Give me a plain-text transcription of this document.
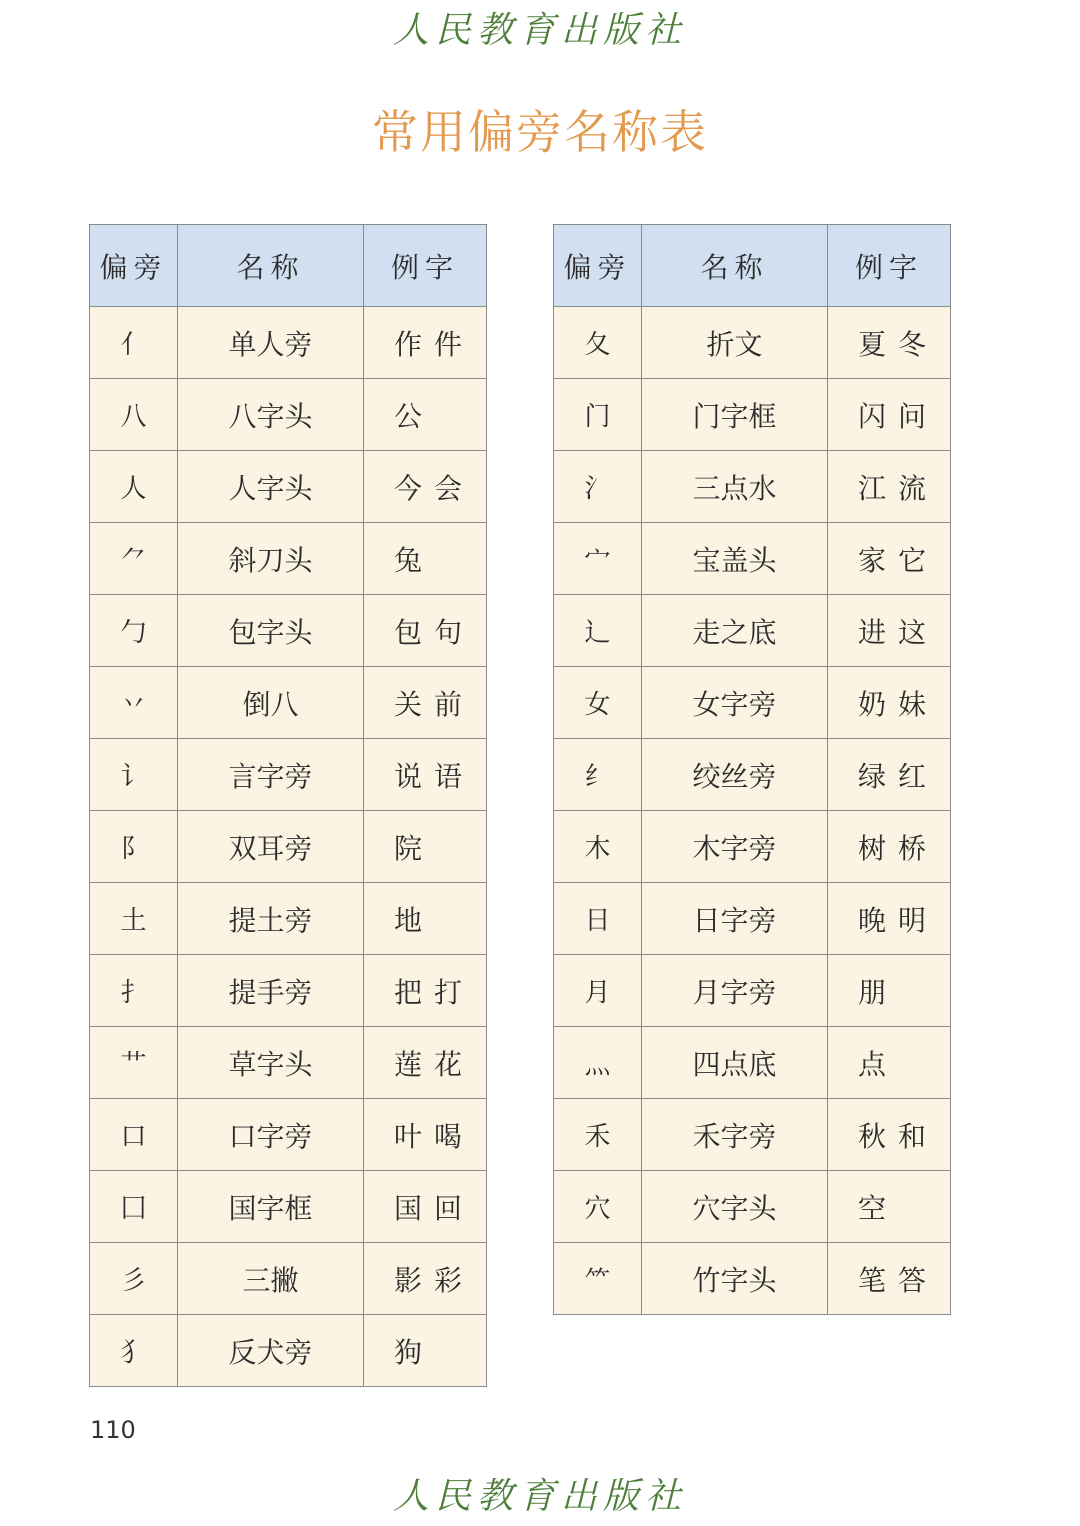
人民教育出版社
常用偏旁名称表
偏旁	名称	例字
亻	单人旁	作件
八	八字头	公
人	人字头	今会
⺈	斜刀头	兔
勹	包字头	包句
丷	倒八	关前
讠	言字旁	说语
阝	双耳旁	院
土	提土旁	地
扌	提手旁	把打
艹	草字头	莲花
口	口字旁	叶喝
囗	国字框	国回
彡	三撇	影彩
犭	反犬旁	狗
偏旁	名称	例字
夂	折文	夏冬
门	门字框	闪问
氵	三点水	江流
宀	宝盖头	家它
辶	走之底	进这
女	女字旁	奶妹
纟	绞丝旁	绿红
木	木字旁	树桥
日	日字旁	晚明
月	月字旁	朋
灬	四点底	点
禾	禾字旁	秋和
穴	穴字头	空
⺮	竹字头	笔答
110
人民教育出版社
